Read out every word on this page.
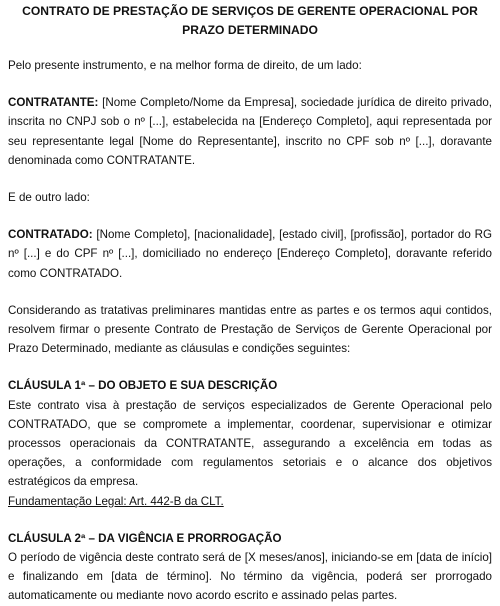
CONTRATO DE PRESTAÇÃO DE SERVIÇOS DE GERENTE OPERACIONAL POR PRAZO DETERMINADO

Pelo presente instrumento, e na melhor forma de direito, de um lado:

CONTRATANTE: [Nome Completo/Nome da Empresa], sociedade jurídica de direito privado, inscrita no CNPJ sob o nº [...], estabelecida na [Endereço Completo], aqui representada por seu representante legal [Nome do Representante], inscrito no CPF sob nº [...], doravante denominada como CONTRATANTE.

E de outro lado:

CONTRATADO: [Nome Completo], [nacionalidade], [estado civil], [profissão], portador do RG nº [...] e do CPF nº [...], domiciliado no endereço [Endereço Completo], doravante referido como CONTRATADO.

Considerando as tratativas preliminares mantidas entre as partes e os termos aqui contidos, resolvem firmar o presente Contrato de Prestação de Serviços de Gerente Operacional por Prazo Determinado, mediante as cláusulas e condições seguintes:

CLÁUSULA 1ª – DO OBJETO E SUA DESCRIÇÃO

Este contrato visa à prestação de serviços especializados de Gerente Operacional pelo CONTRATADO, que se compromete a implementar, coordenar, supervisionar e otimizar processos operacionais da CONTRATANTE, assegurando a excelência em todas as operações, a conformidade com regulamentos setoriais e o alcance dos objetivos estratégicos da empresa.

Fundamentação Legal: Art. 442-B da CLT.

CLÁUSULA 2ª – DA VIGÊNCIA E PRORROGAÇÃO

O período de vigência deste contrato será de [X meses/anos], iniciando-se em [data de início] e finalizando em [data de término]. No término da vigência, poderá ser prorrogado automaticamente ou mediante novo acordo escrito e assinado pelas partes.
